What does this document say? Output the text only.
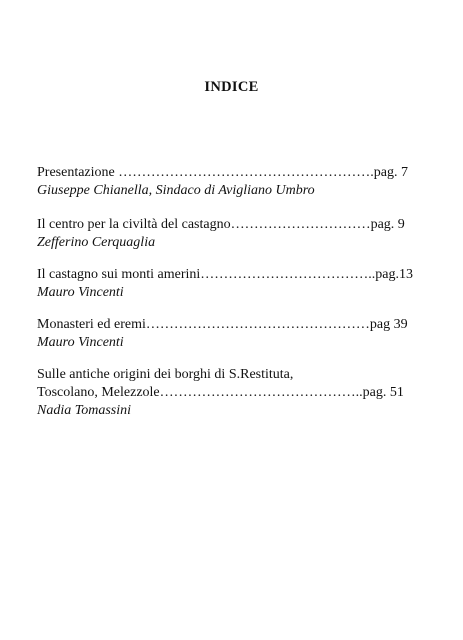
INDICE
Presentazione ……………………………………………….pag. 7
Giuseppe Chianella, Sindaco di Avigliano Umbro
Il centro per la civiltà del castagno…………………………pag. 9
Zefferino Cerquaglia
Il castagno sui monti amerini………………………………..pag.13
Mauro Vincenti
Monasteri ed eremi…………………………………………pag 39
Mauro Vincenti
Sulle antiche origini dei borghi di S.Restituta,
Toscolano, Melezzole……………………………………..pag. 51
Nadia Tomassini
